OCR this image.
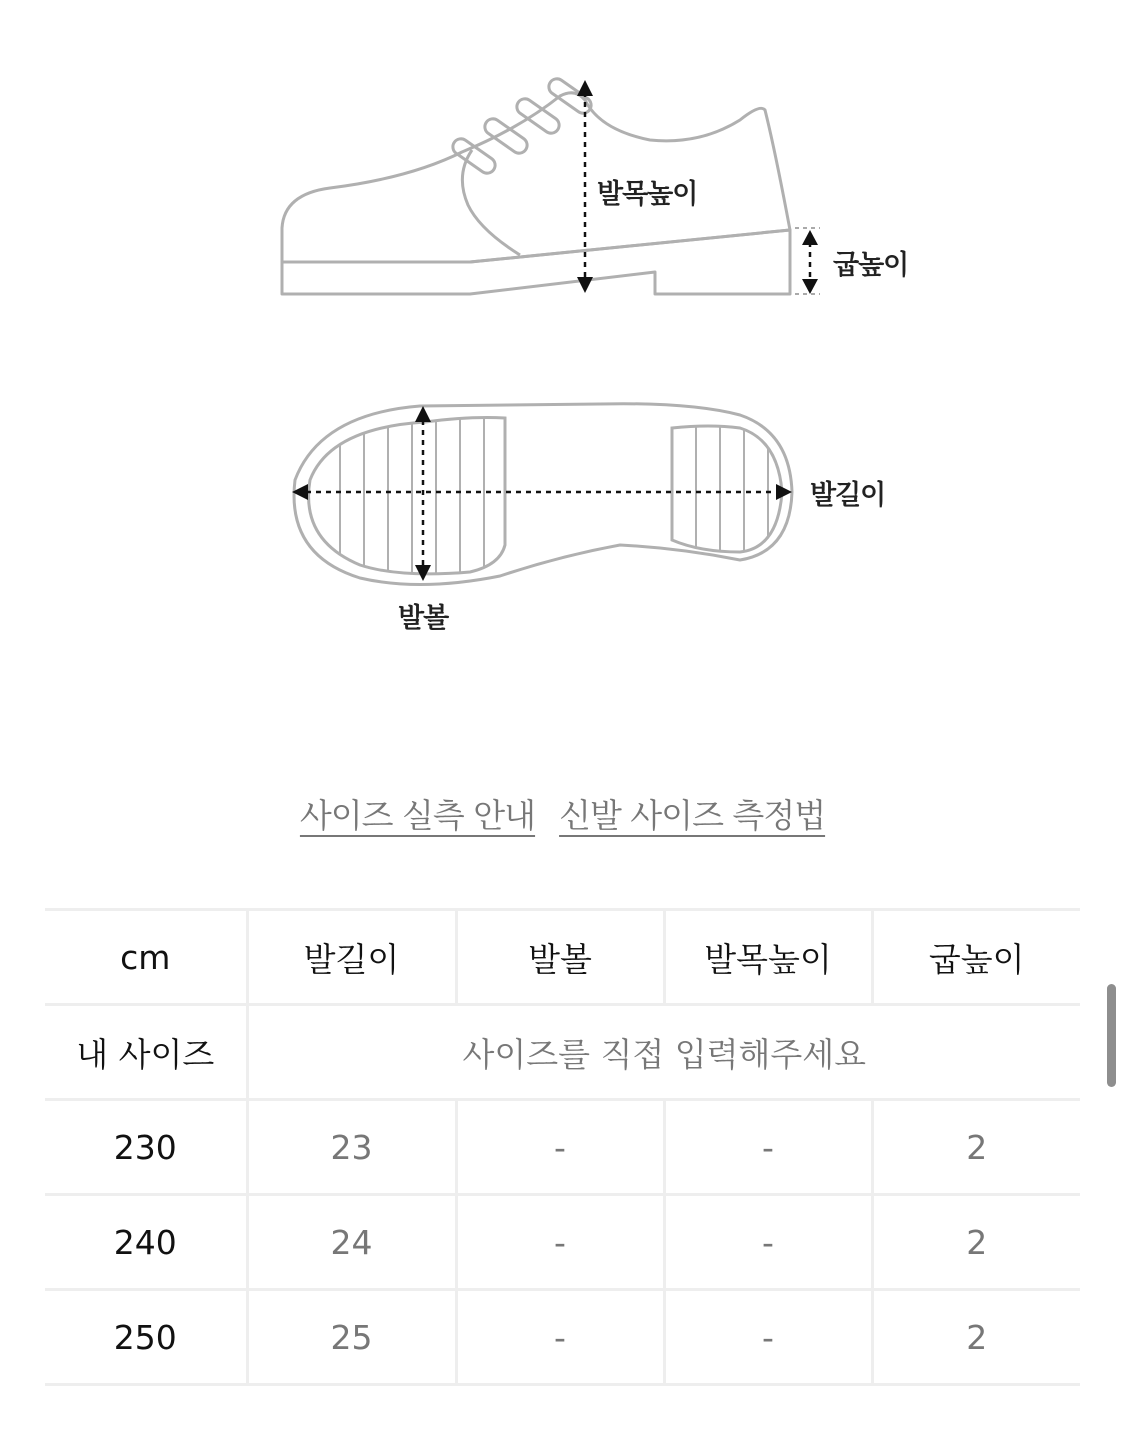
발목높이
굽높이
발길이
발볼
사이즈 실측 안내 신발 사이즈 측정법
cm	발길이	발볼	발목높이	굽높이
내 사이즈	사이즈를 직접 입력해주세요			
230	23	-	-	2
240	24	-	-	2
250	25	-	-	2
